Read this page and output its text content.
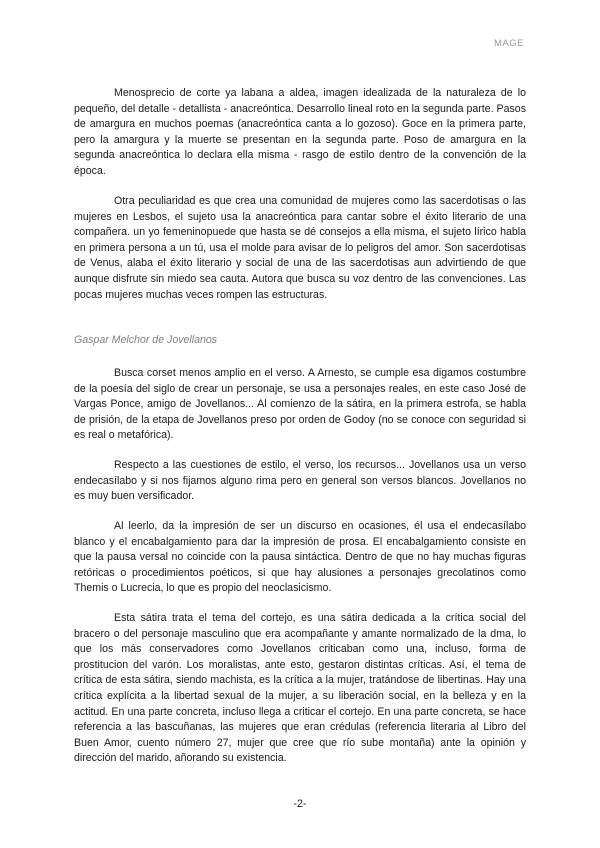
MAGE

Menosprecio de corte ya labana a aldea, imagen idealizada de la naturaleza de lo pequeño, del detalle - detallista - anacreóntica. Desarrollo lineal roto en la segunda parte. Pasos de amargura en muchos poemas (anacreóntica canta a lo gozoso). Goce en la primera parte, pero la amargura y la muerte se presentan en la segunda parte. Poso de amargura en la segunda anacreóntica lo declara ella misma - rasgo de estilo dentro de la convención de la época.

Otra peculiaridad es que crea una comunidad de mujeres como las sacerdotisas o las mujeres en Lesbos, el sujeto usa la anacreóntica para cantar sobre el éxito literario de una compañera. un yo femeninopuede que hasta se dé consejos a ella misma, el sujeto lírico habla en primera persona a un tú, usa el molde para avisar de lo peligros del amor. Son sacerdotisas de Venus, alaba el éxito literario y social de una de las sacerdotisas aun advirtiendo de que aunque disfrute sin miedo sea cauta. Autora que busca su voz dentro de las convenciones. Las pocas mujeres muchas veces rompen las estructuras.

Gaspar Melchor de Jovellanos

Busca corset menos amplio en el verso. A Arnesto, se cumple esa digamos costumbre de la poesía del siglo de crear un personaje, se usa a personajes reales, en este caso José de Vargas Ponce, amigo de Jovellanos... Al comienzo de la sátira, en la primera estrofa, se habla de prisión, de la etapa de Jovellanos preso por orden de Godoy (no se conoce con seguridad si es real o metafórica).

Respecto a las cuestiones de estilo, el verso, los recursos... Jovellanos usa un verso endecasílabo y si nos fijamos alguno rima pero en general son versos blancos. Jovellanos no es muy buen versificador.

Al leerlo, da la impresión de ser un discurso en ocasiones, él usa el endecasílabo blanco y el encabalgamiento para dar la impresión de prosa. El encabalgamiento consiste en que la pausa versal no coincide con la pausa sintáctica. Dentro de que no hay muchas figuras retóricas o procedimientos poéticos, si que hay alusiones a personajes grecolatinos como Themis o Lucrecia, lo que es propio del neoclasicismo.

Esta sátira trata el tema del cortejo, es una sátira dedicada a la crítica social del bracero o del personaje masculino que era acompañante y amante normalizado de la dma, lo que los más conservadores como Jovellanos criticaban como una, incluso, forma de prostitucion del varón. Los moralistas, ante esto, gestaron distintas críticas. Así, el tema de crítica de esta sátira, siendo machista, es la crítica a la mujer, tratándose de libertinas. Hay una crítica explícita a la libertad sexual de la mujer, a su liberación social, en la belleza y en la actitud. En una parte concreta, incluso llega a criticar el cortejo. En una parte concreta, se hace referencia a las bascuñanas, las mujeres que eran crédulas (referencia literaria al Libro del Buen Amor, cuento número 27, mujer que cree que río sube montaña) ante la opinión y dirección del marido, añorando su existencia.

-2-
